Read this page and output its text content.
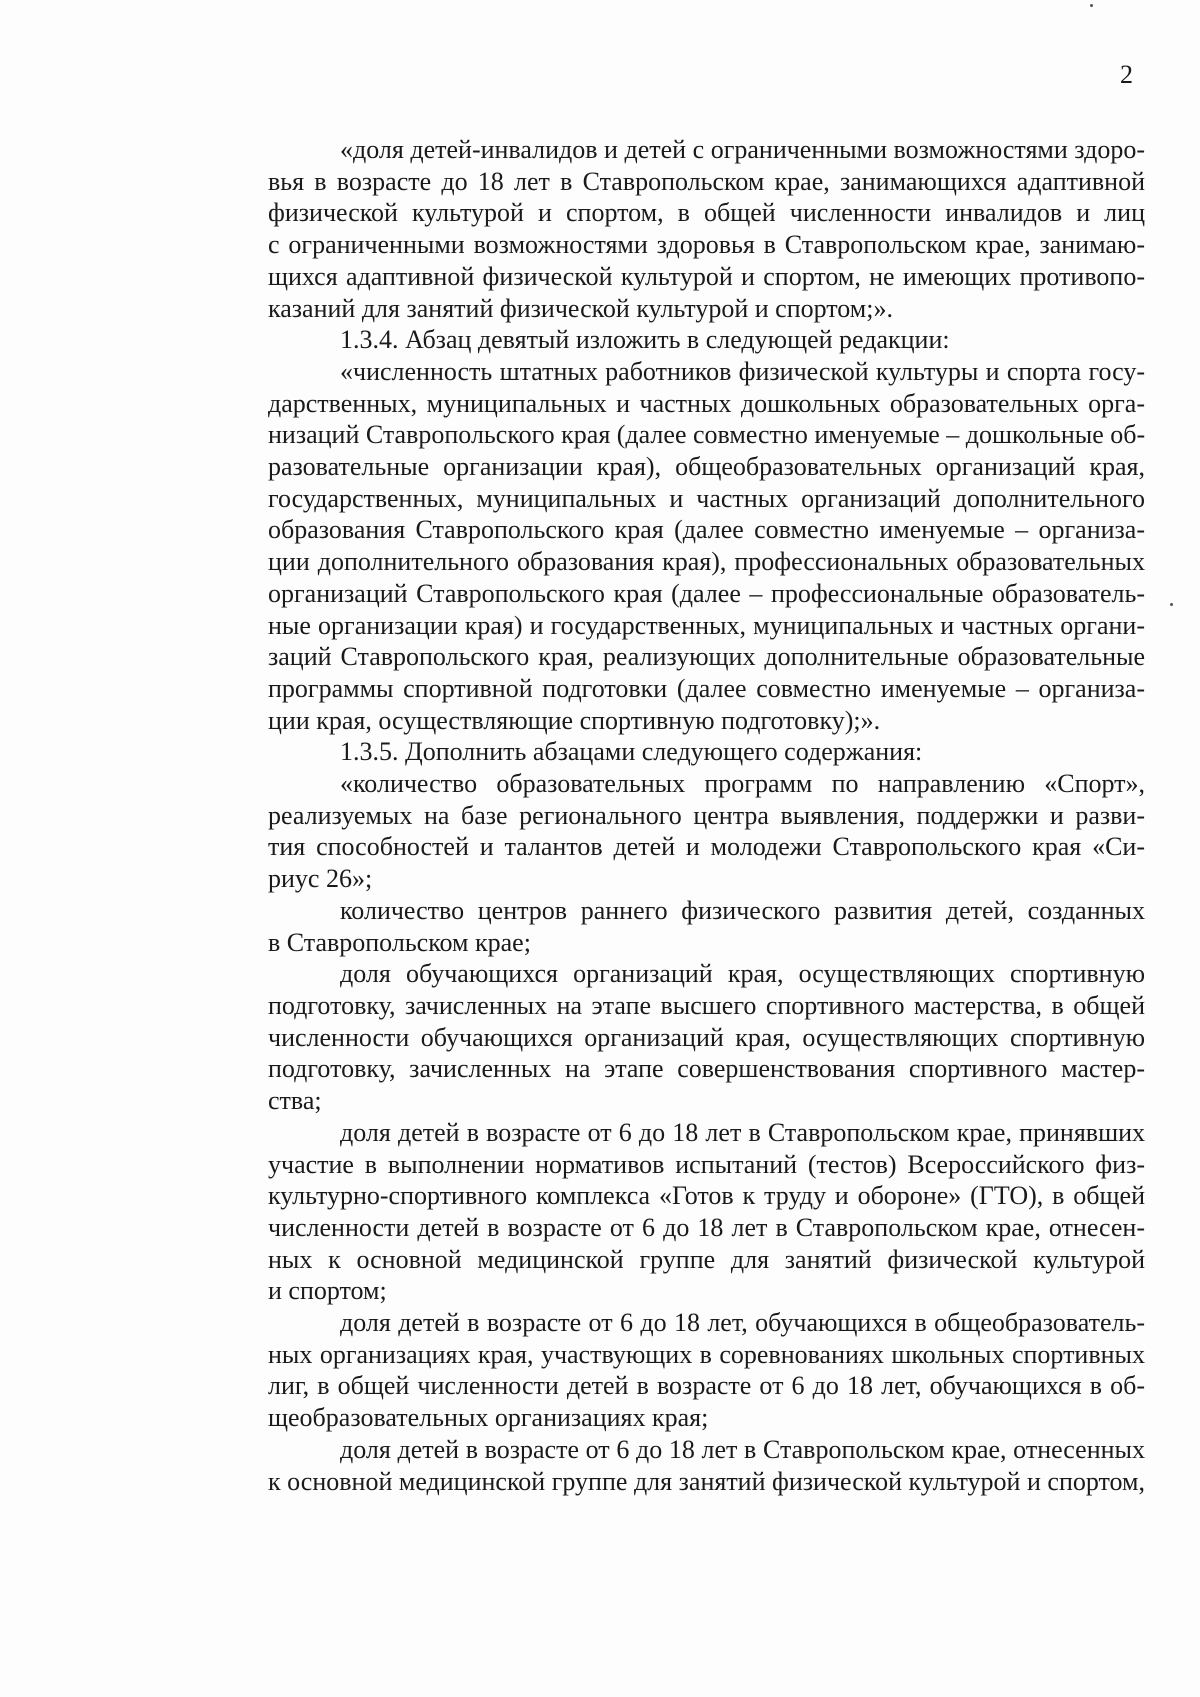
2
«доля детей-инвалидов и детей с ограниченными возможностями здоро-
вья в возрасте до 18 лет в Ставропольском крае, занимающихся адаптивной
физической культурой и спортом, в общей численности инвалидов и лиц
с ограниченными возможностями здоровья в Ставропольском крае, занимаю-
щихся адаптивной физической культурой и спортом, не имеющих противопо-
казаний для занятий физической культурой и спортом;».
1.3.4. Абзац девятый изложить в следующей редакции:
«численность штатных работников физической культуры и спорта госу-
дарственных, муниципальных и частных дошкольных образовательных орга-
низаций Ставропольского края (далее совместно именуемые – дошкольные об-
разовательные организации края), общеобразовательных организаций края,
государственных, муниципальных и частных организаций дополнительного
образования Ставропольского края (далее совместно именуемые – организа-
ции дополнительного образования края), профессиональных образовательных
организаций Ставропольского края (далее – профессиональные образователь-
ные организации края) и государственных, муниципальных и частных органи-
заций Ставропольского края, реализующих дополнительные образовательные
программы спортивной подготовки (далее совместно именуемые – организа-
ции края, осуществляющие спортивную подготовку);».
1.3.5. Дополнить абзацами следующего содержания:
«количество образовательных программ по направлению «Спорт»,
реализуемых на базе регионального центра выявления, поддержки и разви-
тия способностей и талантов детей и молодежи Ставропольского края «Си-
риус 26»;
количество центров раннего физического развития детей, созданных
в Ставропольском крае;
доля обучающихся организаций края, осуществляющих спортивную
подготовку, зачисленных на этапе высшего спортивного мастерства, в общей
численности обучающихся организаций края, осуществляющих спортивную
подготовку, зачисленных на этапе совершенствования спортивного мастер-
ства;
доля детей в возрасте от 6 до 18 лет в Ставропольском крае, принявших
участие в выполнении нормативов испытаний (тестов) Всероссийского физ-
культурно-спортивного комплекса «Готов к труду и обороне» (ГТО), в общей
численности детей в возрасте от 6 до 18 лет в Ставропольском крае, отнесен-
ных к основной медицинской группе для занятий физической культурой
и спортом;
доля детей в возрасте от 6 до 18 лет, обучающихся в общеобразователь-
ных организациях края, участвующих в соревнованиях школьных спортивных
лиг, в общей численности детей в возрасте от 6 до 18 лет, обучающихся в об-
щеобразовательных организациях края;
доля детей в возрасте от 6 до 18 лет в Ставропольском крае, отнесенных
к основной медицинской группе для занятий физической культурой и спортом,
